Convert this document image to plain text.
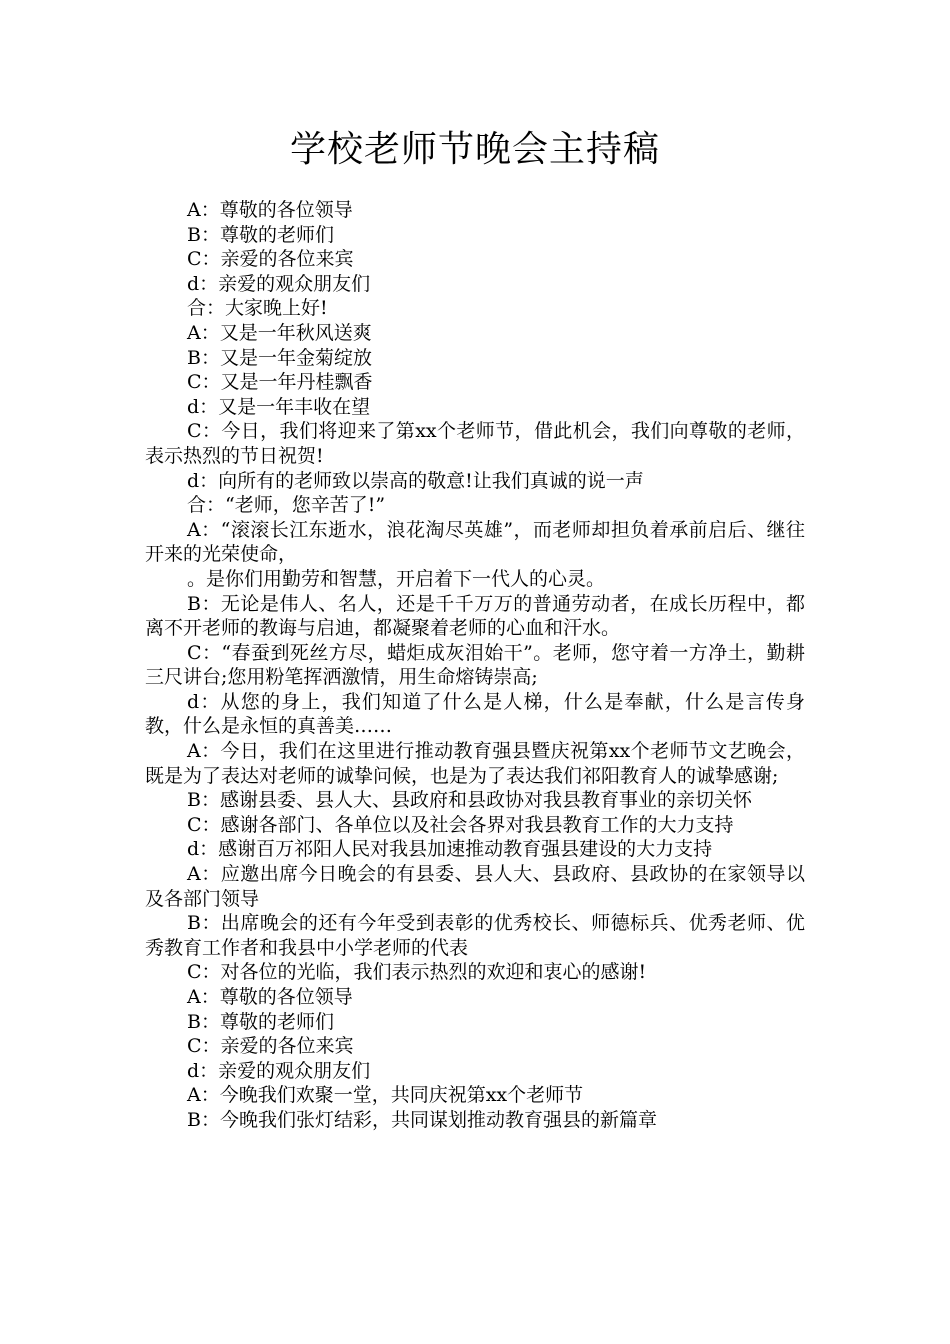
学校老师节晚会主持稿

A：尊敬的各位领导

B：尊敬的老师们

C：亲爱的各位来宾

d：亲爱的观众朋友们

合：大家晚上好!

A：又是一年秋风送爽

B：又是一年金菊绽放

C：又是一年丹桂飘香

d：又是一年丰收在望

C：今日，我们将迎来了第xx个老师节，借此机会，我们向尊敬的老师，表示热烈的节日祝贺!

d：向所有的老师致以崇高的敬意!让我们真诚的说一声

合：“老师，您辛苦了!”

A：“滚滚长江东逝水，浪花淘尽英雄”，而老师却担负着承前启后、继往开来的光荣使命，

。是你们用勤劳和智慧，开启着下一代人的心灵。

B：无论是伟人、名人，还是千千万万的普通劳动者，在成长历程中，都离不开老师的教诲与启迪，都凝聚着老师的心血和汗水。

C：“春蚕到死丝方尽，蜡炬成灰泪始干”。老师，您守着一方净土，勤耕三尺讲台;您用粉笔挥洒激情，用生命熔铸崇高;

d：从您的身上，我们知道了什么是人梯，什么是奉献，什么是言传身教，什么是永恒的真善美……

A：今日，我们在这里进行推动教育强县暨庆祝第xx个老师节文艺晚会，既是为了表达对老师的诚挚问候，也是为了表达我们祁阳教育人的诚挚感谢;

B：感谢县委、县人大、县政府和县政协对我县教育事业的亲切关怀

C：感谢各部门、各单位以及社会各界对我县教育工作的大力支持

d：感谢百万祁阳人民对我县加速推动教育强县建设的大力支持

A：应邀出席今日晚会的有县委、县人大、县政府、县政协的在家领导以及各部门领导

B：出席晚会的还有今年受到表彰的优秀校长、师德标兵、优秀老师、优秀教育工作者和我县中小学老师的代表

C：对各位的光临，我们表示热烈的欢迎和衷心的感谢!

A：尊敬的各位领导

B：尊敬的老师们

C：亲爱的各位来宾

d：亲爱的观众朋友们

A：今晚我们欢聚一堂，共同庆祝第xx个老师节

B：今晚我们张灯结彩，共同谋划推动教育强县的新篇章
